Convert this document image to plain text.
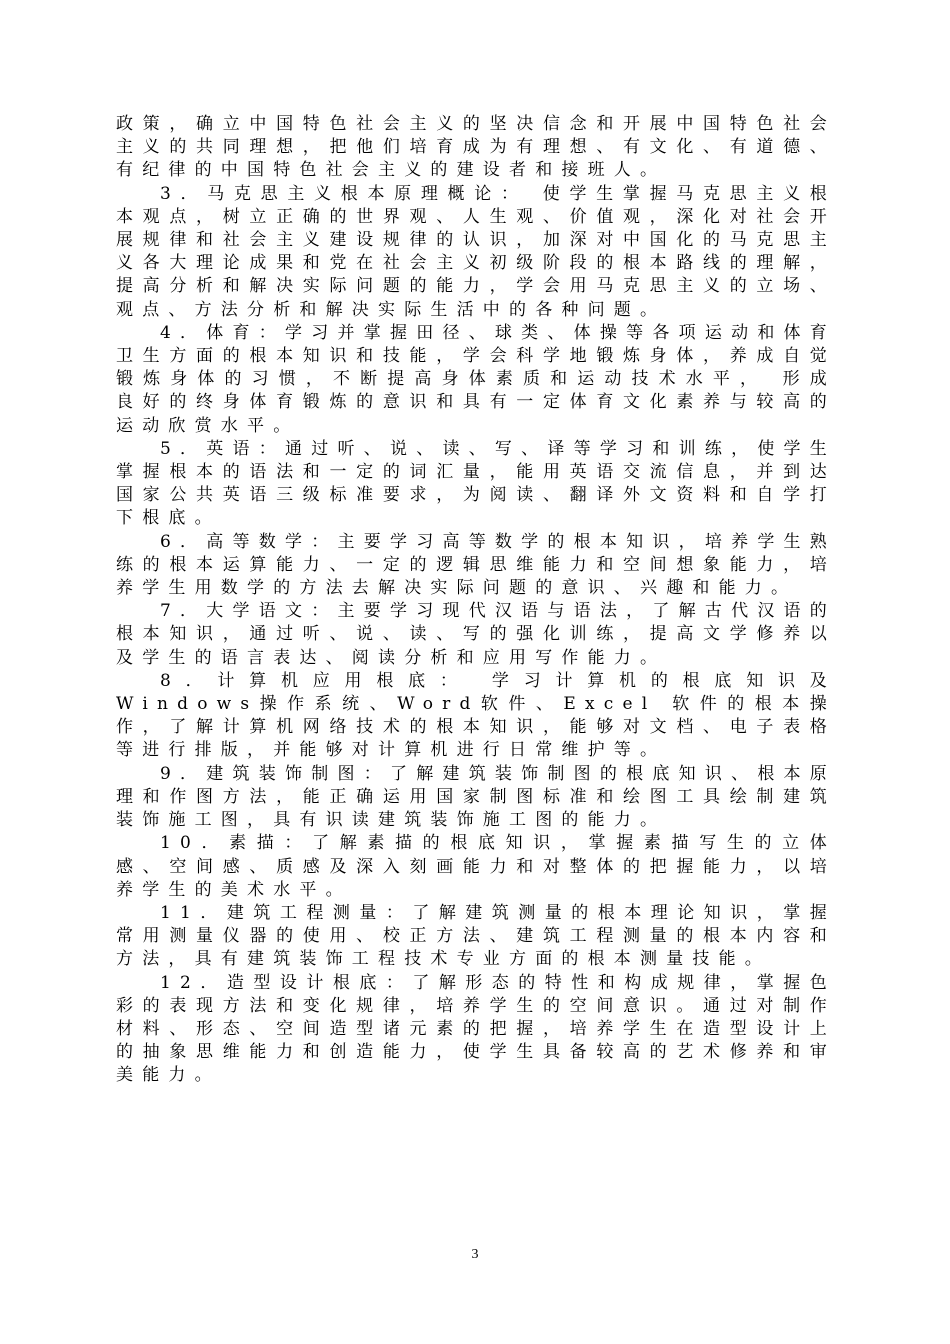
政策，确立中国特色社会主义的坚决信念和开展中国特色社会主义的共同理想，把他们培育成为有理想、有文化、有道德、有纪律的中国特色社会主义的建设者和接班人。

3．马克思主义根本原理概论： 使学生掌握马克思主义根本观点，树立正确的世界观、人生观、价值观，深化对社会开展规律和社会主义建设规律的认识，加深对中国化的马克思主义各大理论成果和党在社会主义初级阶段的根本路线的理解，提高分析和解决实际问题的能力，学会用马克思主义的立场、观点、方法分析和解决实际生活中的各种问题。

4．体育：学习并掌握田径、球类、体操等各项运动和体育卫生方面的根本知识和技能，学会科学地锻炼身体，养成自觉锻炼身体的习惯，不断提高身体素质和运动技术水平， 形成良好的终身体育锻炼的意识和具有一定体育文化素养与较高的运动欣赏水平。

5．英语：通过听、说、读、写、译等学习和训练，使学生掌握根本的语法和一定的词汇量，能用英语交流信息，并到达国家公共英语三级标准要求，为阅读、翻译外文资料和自学打下根底。

6．高等数学：主要学习高等数学的根本知识，培养学生熟练的根本运算能力、一定的逻辑思维能力和空间想象能力，培养学生用数学的方法去解决实际问题的意识、兴趣和能力。

7．大学语文：主要学习现代汉语与语法，了解古代汉语的根本知识，通过听、说、读、写的强化训练，提高文学修养以及学生的语言表达、阅读分析和应用写作能力。

8．计算机应用根底： 学习计算机的根底知识及Windows操作系统、Word软件、Excel 软件的根本操作，了解计算机网络技术的根本知识，能够对文档、电子表格等进行排版，并能够对计算机进行日常维护等。

9．建筑装饰制图：了解建筑装饰制图的根底知识、根本原理和作图方法，能正确运用国家制图标准和绘图工具绘制建筑装饰施工图，具有识读建筑装饰施工图的能力。

10．素描：了解素描的根底知识，掌握素描写生的立体感、空间感、质感及深入刻画能力和对整体的把握能力，以培养学生的美术水平。

11．建筑工程测量：了解建筑测量的根本理论知识，掌握常用测量仪器的使用、校正方法、建筑工程测量的根本内容和方法，具有建筑装饰工程技术专业方面的根本测量技能。

12．造型设计根底：了解形态的特性和构成规律，掌握色彩的表现方法和变化规律，培养学生的空间意识。通过对制作材料、形态、空间造型诸元素的把握，培养学生在造型设计上的抽象思维能力和创造能力，使学生具备较高的艺术修养和审美能力。

3
